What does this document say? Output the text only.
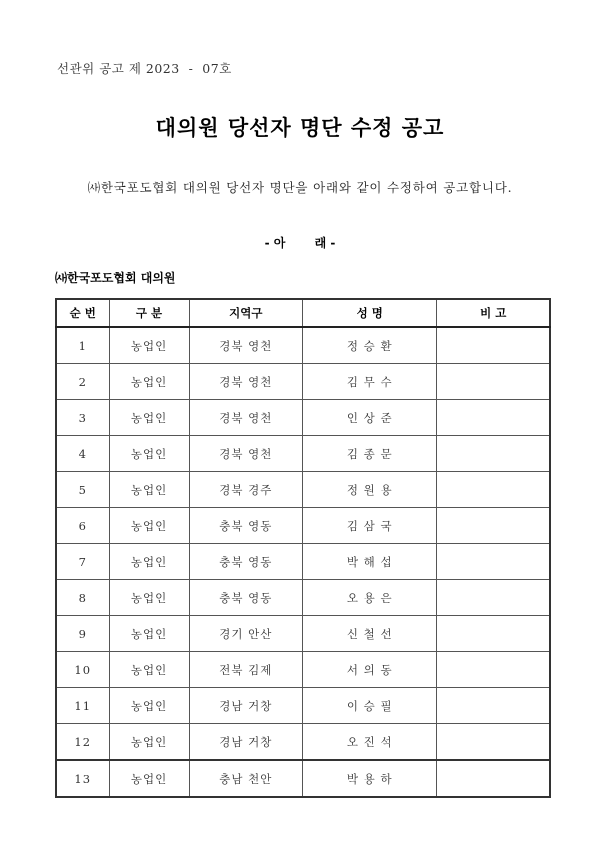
선관위 공고 제 2023  -  07호
대의원 당선자 명단 수정 공고
㈔한국포도협회 대의원 당선자 명단을 아래와 같이 수정하여 공고합니다.
- 아       래 -
㈔한국포도협회 대의원
순 번	구 분	지역구	성 명	비 고
1	농업인	경북 영천	정 승 환	
2	농업인	경북 영천	김 무 수	
3	농업인	경북 영천	인 상 준	
4	농업인	경북 영천	김 종 문	
5	농업인	경북 경주	정 원 용	
6	농업인	충북 영동	김 삼 국	
7	농업인	충북 영동	박 해 섭	
8	농업인	충북 영동	오 용 은	
9	농업인	경기 안산	신 철 선	
10	농업인	전북 김제	서 의 동	
11	농업인	경남 거창	이 승 필	
12	농업인	경남 거창	오 진 석	
13	농업인	충남 천안	박 용 하	
